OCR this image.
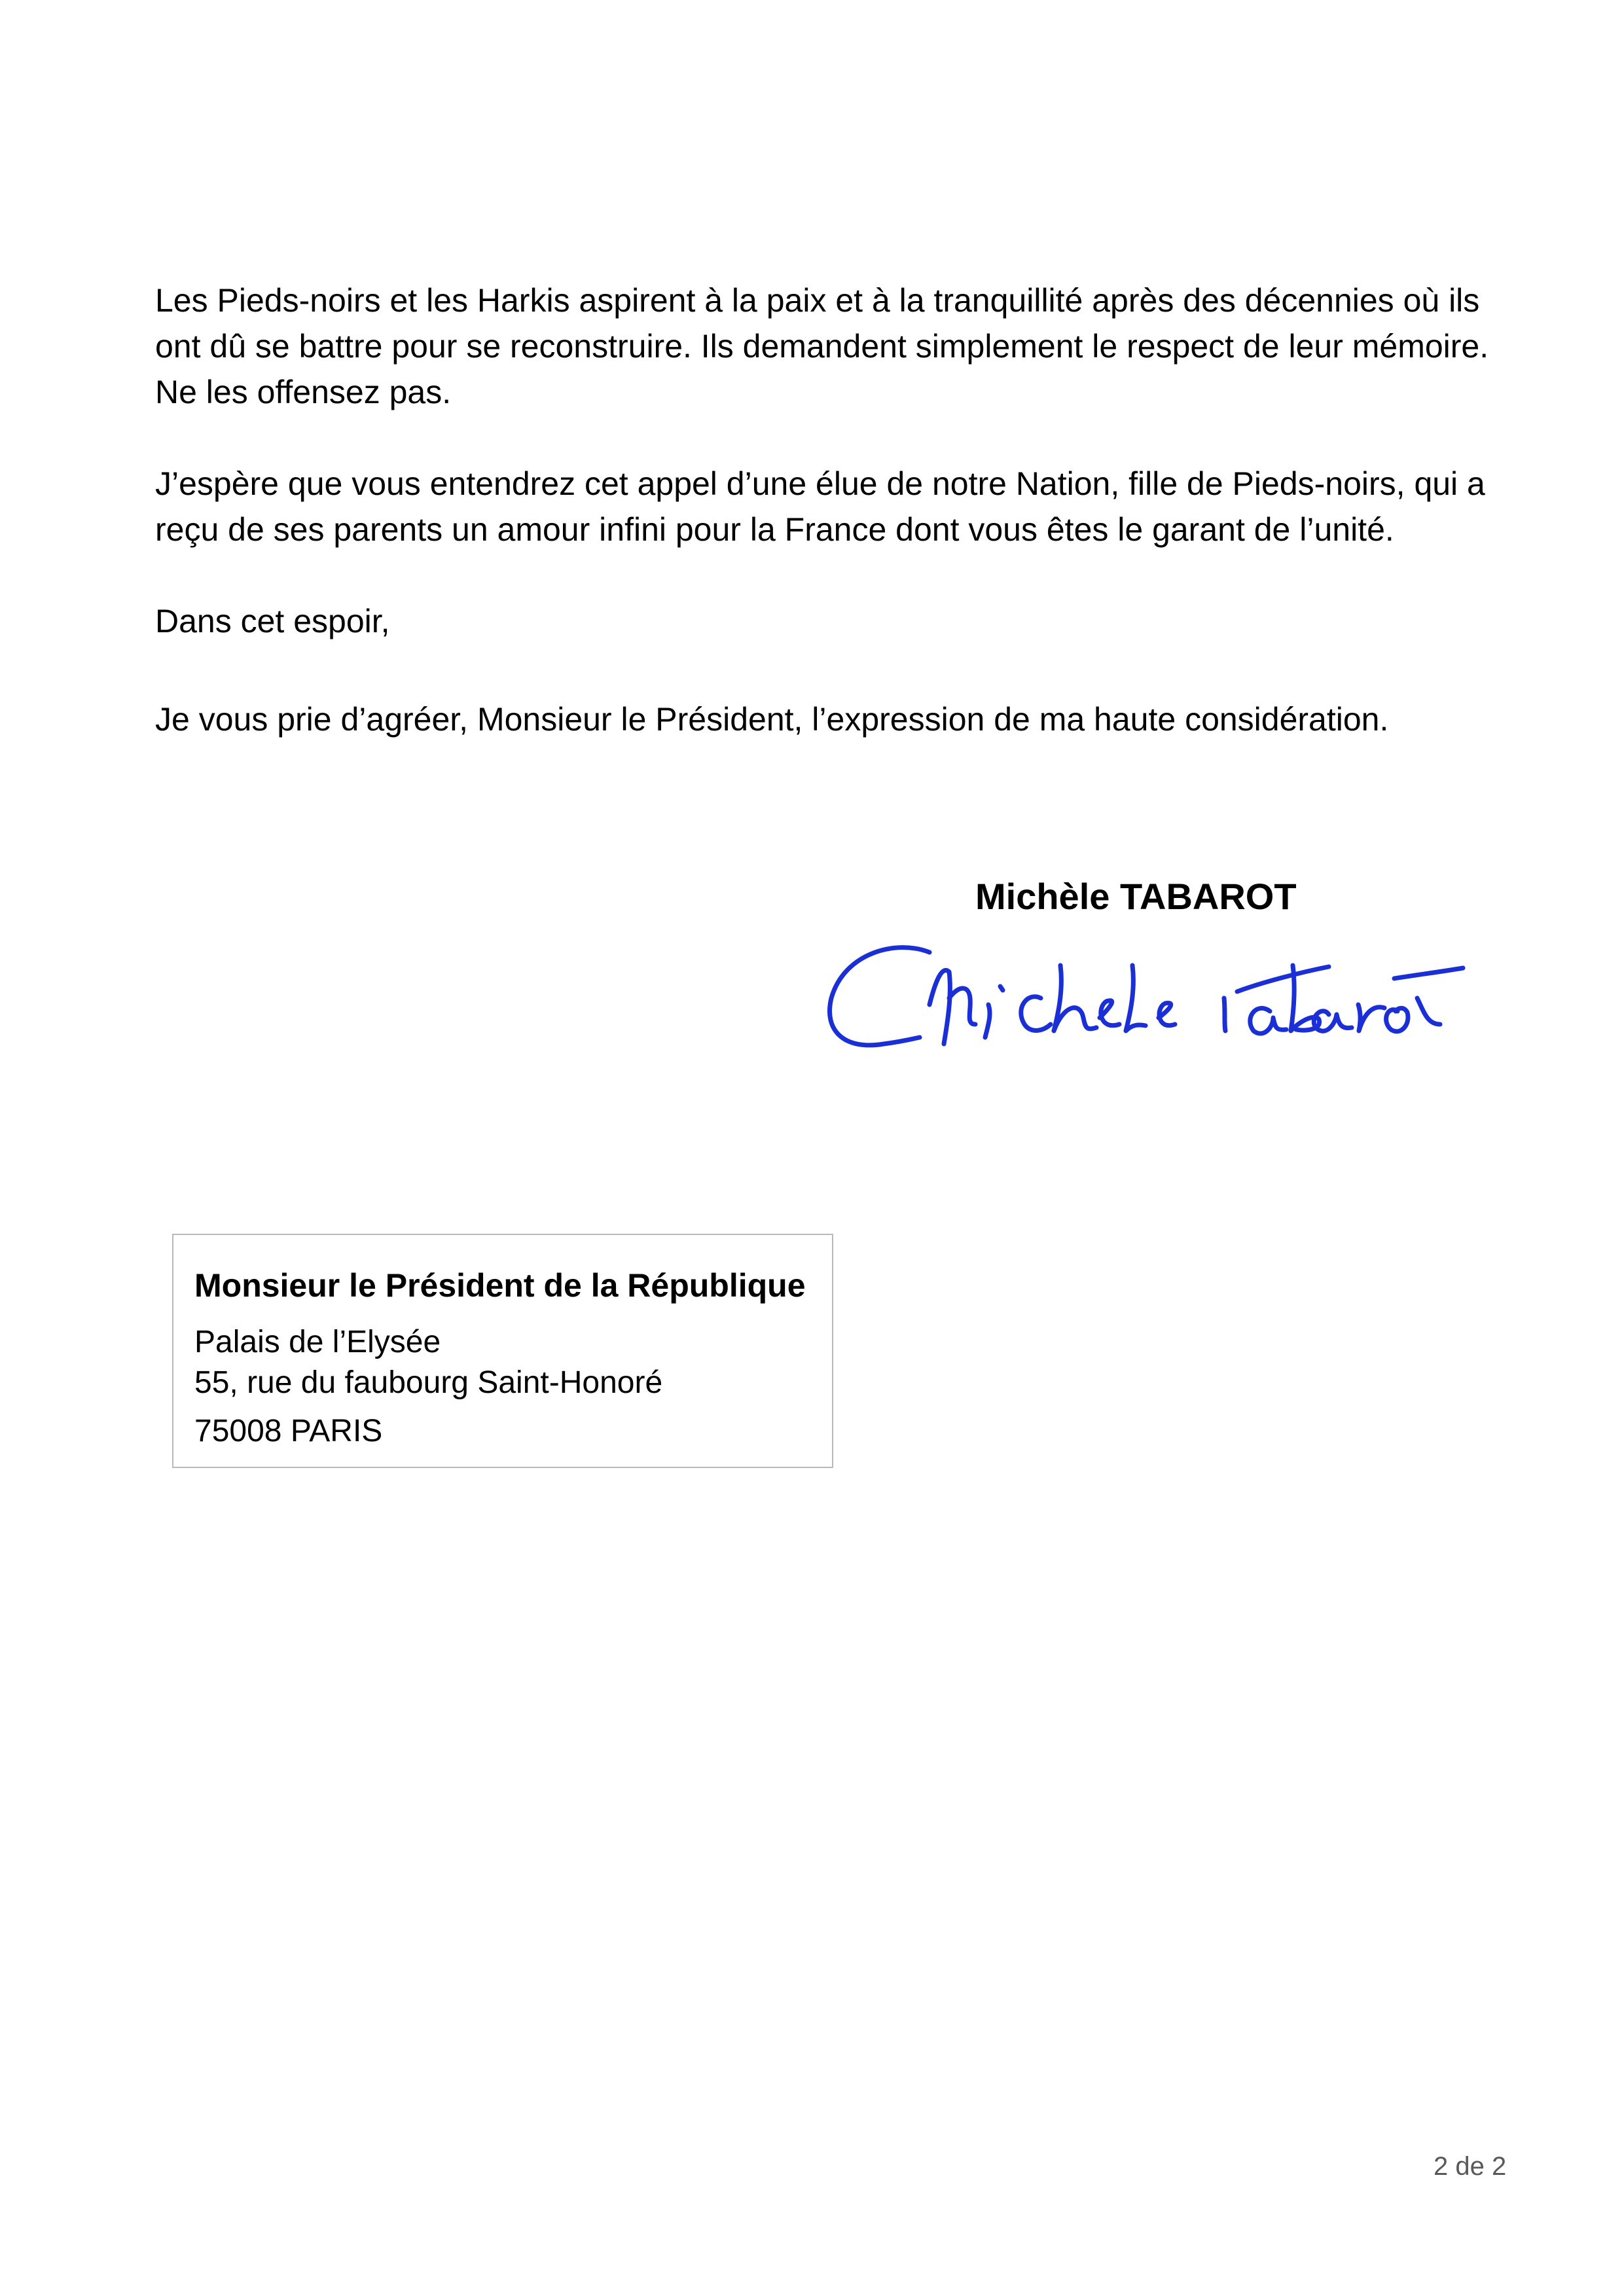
Les Pieds-noirs et les Harkis aspirent à la paix et à la tranquillité après des décennies où ils ont dû se battre pour se reconstruire. Ils demandent simplement le respect de leur mémoire. Ne les offensez pas.

J’espère que vous entendrez cet appel d’une élue de notre Nation, fille de Pieds-noirs, qui a reçu de ses parents un amour infini pour la France dont vous êtes le garant de l’unité.

Dans cet espoir,

Je vous prie d’agréer, Monsieur le Président, l’expression de ma haute considération.

Michèle TABAROT
Monsieur le Président de la République
Palais de l’Elysée
55, rue du faubourg Saint-Honoré
75008 PARIS
2 de 2
